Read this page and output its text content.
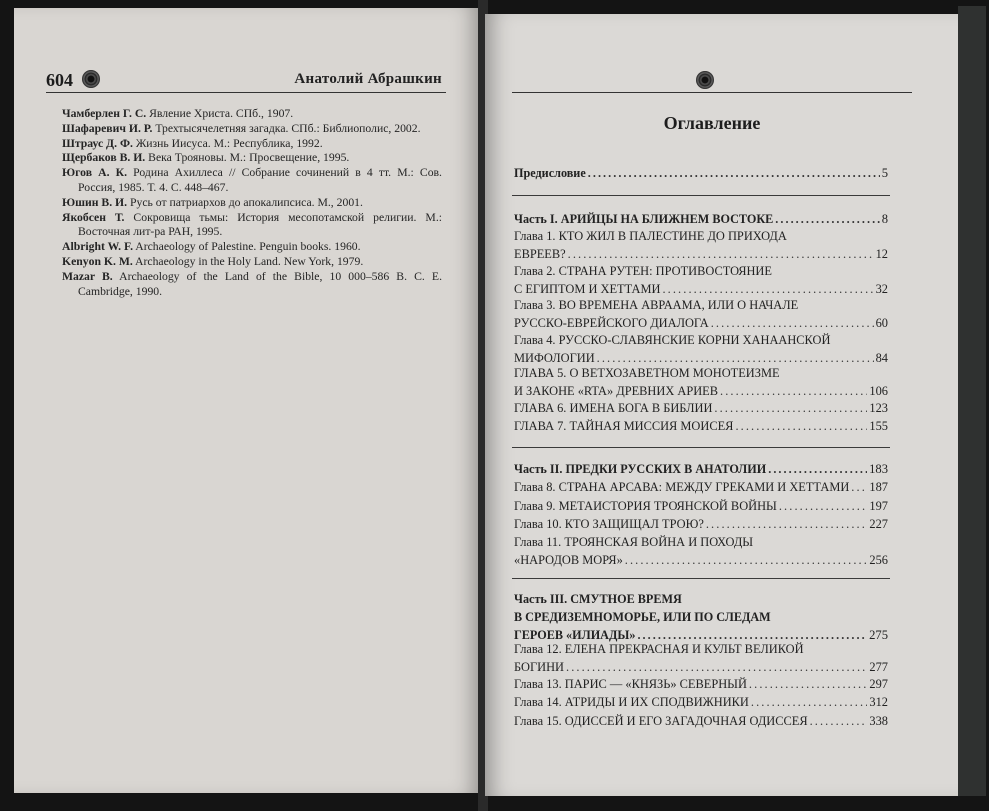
604	Анатолий Абрашкин
Чамберлен Г. С. Явление Христа. СПб., 1907.
Шафаревич И. Р. Трехтысячелетняя загадка. СПб.: Библиополис, 2002.
Штраус Д. Ф. Жизнь Иисуса. М.: Республика, 1992.
Щербаков В. И. Века Трояновы. М.: Просвещение, 1995.
Югов А. К. Родина Ахиллеса // Собрание сочинений в 4 тт. М.: Сов. Россия, 1985. Т. 4. С. 448–467.
Юшин В. И. Русь от патриархов до апокалипсиса. М., 2001.
Якобсен Т. Сокровища тьмы: История месопотамской религии. М.: Восточная лит-ра РАН, 1995.
Albright W. F. Archaeology of Palestine. Penguin books. 1960.
Kenyon K. M. Archaeology in the Holy Land. New York, 1979.
Mazar B. Archaeology of the Land of the Bible, 10 000–586 B. C. E. Cambridge, 1990.
Оглавление
Предисловие . . .	5
Часть I. АРИЙЦЫ НА БЛИЖНЕМ ВОСТОКЕ . . .	8
Глава 1. КТО ЖИЛ В ПАЛЕСТИНЕ ДО ПРИХОДА
ЕВРЕЕВ? . . .	12
Глава 2. СТРАНА РУТЕН: ПРОТИВОСТОЯНИЕ
С ЕГИПТОМ И ХЕТТАМИ . . .	32
Глава 3. ВО ВРЕМЕНА АВРААМА, ИЛИ О НАЧАЛЕ
РУССКО-ЕВРЕЙСКОГО ДИАЛОГА . . .	60
Глава 4. РУССКО-СЛАВЯНСКИЕ КОРНИ ХАНААНСКОЙ
МИФОЛОГИИ . . .	84
ГЛАВА 5. О ВЕТХОЗАВЕТНОМ МОНОТЕИЗМЕ
И ЗАКОНЕ «RTA» ДРЕВНИХ АРИЕВ . . .	106
ГЛАВА 6. ИМЕНА БОГА В БИБЛИИ . . .	123
ГЛАВА 7. ТАЙНАЯ МИССИЯ МОИСЕЯ . . .	155
Часть II. ПРЕДКИ РУССКИХ В АНАТОЛИИ . . .	183
Глава 8. СТРАНА АРСАВА: МЕЖДУ ГРЕКАМИ И ХЕТТАМИ . . . 187
Глава 9. МЕТАИСТОРИЯ ТРОЯНСКОЙ ВОЙНЫ . . .	197
Глава 10. КТО ЗАЩИЩАЛ ТРОЮ? . . .	227
Глава 11. ТРОЯНСКАЯ ВОЙНА И ПОХОДЫ
«НАРОДОВ МОРЯ» . . .	256
Часть III. СМУТНОЕ ВРЕМЯ
В СРЕДИЗЕМНОМОРЬЕ, ИЛИ ПО СЛЕДАМ
ГЕРОЕВ «ИЛИАДЫ» . . .	275
Глава 12. ЕЛЕНА ПРЕКРАСНАЯ И КУЛЬТ ВЕЛИКОЙ
БОГИНИ . . .	277
Глава 13. ПАРИС — «КНЯЗЬ» СЕВЕРНЫЙ . . .	297
Глава 14. АТРИДЫ И ИХ СПОДВИЖНИКИ . . .	312
Глава 15. ОДИССЕЙ И ЕГО ЗАГАДОЧНАЯ ОДИССЕЯ . . .	338
